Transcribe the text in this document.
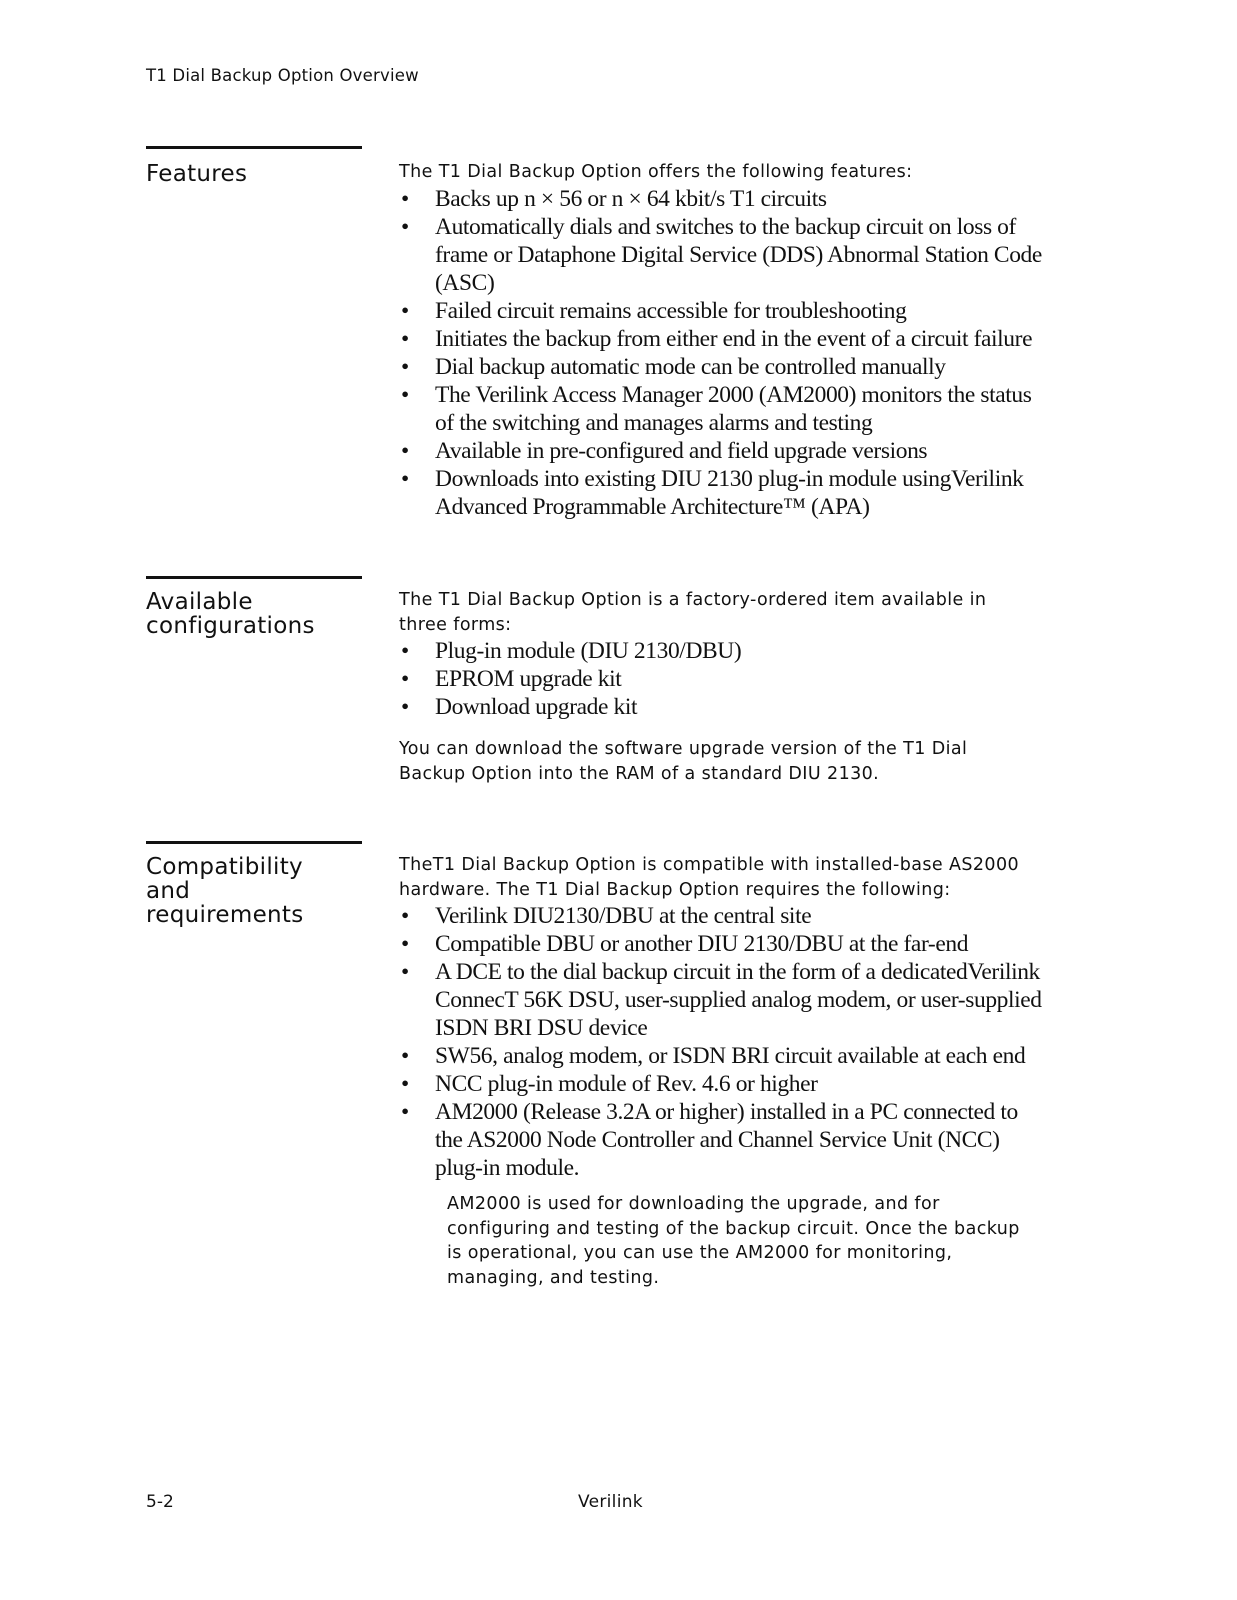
T1 Dial Backup Option Overview
Features	The T1 Dial Backup Option offers the following features:

• Backs up n × 56 or n × 64 kbit/s T1 circuits
• Automatically dials and switches to the backup circuit on loss of
frame or Dataphone Digital Service (DDS) Abnormal Station Code
(ASC)
• Failed circuit remains accessible for troubleshooting
• Initiates the backup from either end in the event of a circuit failure
• Dial backup automatic mode can be controlled manually
• The Verilink Access Manager 2000 (AM2000) monitors the status
of the switching and manages alarms and testing
• Available in pre-configured and field upgrade versions
• Downloads into existing DIU 2130 plug-in module usingVerilink
Advanced Programmable Architecture™ (APA)
Available
configurations

The T1 Dial Backup Option is a factory-ordered item available in
three forms:

• Plug-in module (DIU 2130/DBU)
• EPROM upgrade kit
• Download upgrade kit

You can download the software upgrade version of the T1 Dial
Backup Option into the RAM of a standard DIU 2130.

Compatibility
and
requirements

TheT1 Dial Backup Option is compatible with installed-base AS2000
hardware. The T1 Dial Backup Option requires the following:

• Verilink DIU2130/DBU at the central site
• Compatible DBU or another DIU 2130/DBU at the far-end
• A DCE to the dial backup circuit in the form of a dedicatedVerilink
ConnecT 56K DSU, user-supplied analog modem, or user-supplied
ISDN BRI DSU device
• SW56, analog modem, or ISDN BRI circuit available at each end
• NCC plug-in module of Rev. 4.6 or higher
• AM2000 (Release 3.2A or higher) installed in a PC connected to
the AS2000 Node Controller and Channel Service Unit (NCC)
plug-in module.

AM2000 is used for downloading the upgrade, and for
configuring and testing of the backup circuit. Once the backup
is operational, you can use the AM2000 for monitoring,
managing, and testing.

5-2	Verilink
